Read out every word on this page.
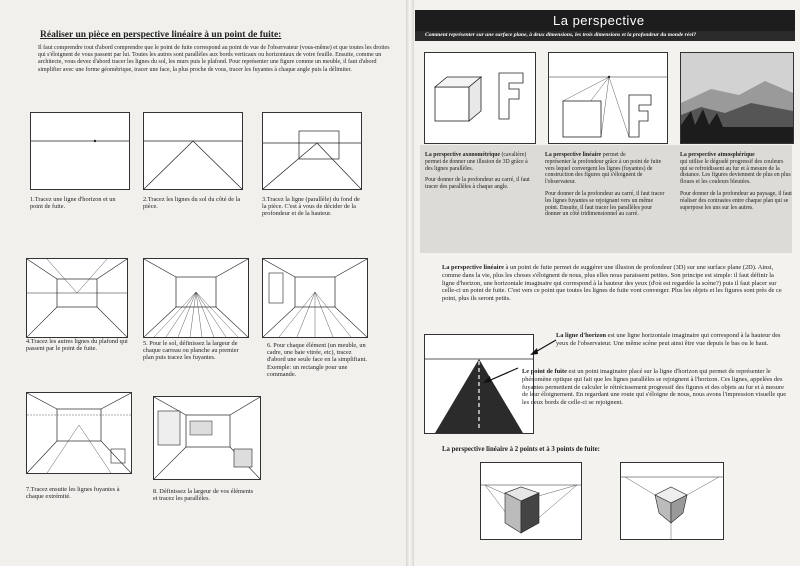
Réaliser un pièce en perspective linéaire à un point de fuite:

Il faut comprendre tout d'abord comprendre que le point de fuite correspond au point de vue de l'observateur (vous-même) et que toutes les droites qui s'éloignent de vous passent par lui. Toutes les autres sont parallèles aux bords verticaux ou horizontaux de votre feuille. Ensuite, comme un architecte, vous devez d'abord tracer les lignes du sol, les murs puis le plafond. Pour représenter une figure comme un meuble, il faut d'abord simplifier avec une forme géométrique, tracer une face, la plus proche de vous, tracer les fuyantes à chaque angle puis la délimiter.

1.Tracez une ligne d'horizon et un point de fuite.

2.Tracez les lignes du sol du côté de la pièce.

3.Tracez la ligne (parallèle) du fond de la pièce. C'est à vous de décider de la profondeur et de la hauteur.

4.Tracez les autres lignes du plafond qui passent par le point de fuite.

5. Pour le sol, définissez la largeur de chaque carreau ou planche au premier plan puis tracez les fuyantes.

6. Pour chaque élément (un meuble, un cadre, une baie vitrée, etc), tracez d'abord une seule face en la simplifiant. Exemple: un rectangle pour une commande.

7.Tracez ensuite les lignes fuyantes à chaque extrémité.

8. Définissez la largeur de vos éléments et tracez les parallèles.

La perspective

Comment représenter sur une surface plane, à deux dimensions, les trois dimensions et la profondeur du monde réel?

La perspective axonométrique (cavalière)
permet de donner une illusion de 3D grâce à des lignes parallèles.

Pour donner de la profondeur au carré, il faut tracer des parallèles à chaque angle.

La perspective linéaire permet de
représenter la profondeur grâce à un point de fuite vers lequel convergent les lignes (fuyantes) de construction des figures qui s'éloignent de l'observateur.

Pour donner de la profondeur au carré, il faut tracer les lignes fuyantes se rejoignant vers un même point. Ensuite, il faut tracer les parallèles pour donner un côté tridimensionnel au carré.

La perspective atmosphérique
qui utilise le dégradé progressif des couleurs qui se refroidissent au fur et à mesure de la distance. Les figures deviennent de plus en plus floues et les couleurs bleutées.

Pour donner de la profondeur au paysage, il faut réaliser des contrastes entre chaque plan qui se superpose les uns sur les autres.

La perspective linéaire à un point de fuite permet de suggérer une illusion de profondeur (3D) sur une surface plane (2D). Ainsi, comme dans la vie, plus les choses s'éloignent de nous, plus elles nous paraissent petites. Son principe est simple: il faut définir la ligne d'horizon, une horizontale imaginaire qui correspond à la hauteur des yeux (d'où est regardée la scène?) puis il faut placer sur celle-ci un point de fuite. C'est vers ce point que toutes les lignes de fuite vont converger. Plus les objets et les figures sont près de ce point, plus ils seront petits.

La ligne d'horizon est une ligne horizontale imaginaire qui correspond à la hauteur des yeux de l'observateur. Une même scène peut ainsi être vue depuis le bas ou le haut.

Le point de fuite est un point imaginaire placé sur la ligne d'horizon qui permet de représenter le phénomène optique qui fait que les lignes parallèles se rejoignent à l'horizon. Ces lignes, appelées des fuyantes permettent de calculer le rétrécissement progressif des figures et des objets au fur et à mesure de leur éloignement. En regardant une route qui s'éloigne de nous, nous avons l'impression visuelle que les deux bords de celle-ci se rejoignent.

La perspective linéaire à 2 points et à 3 points de fuite:
